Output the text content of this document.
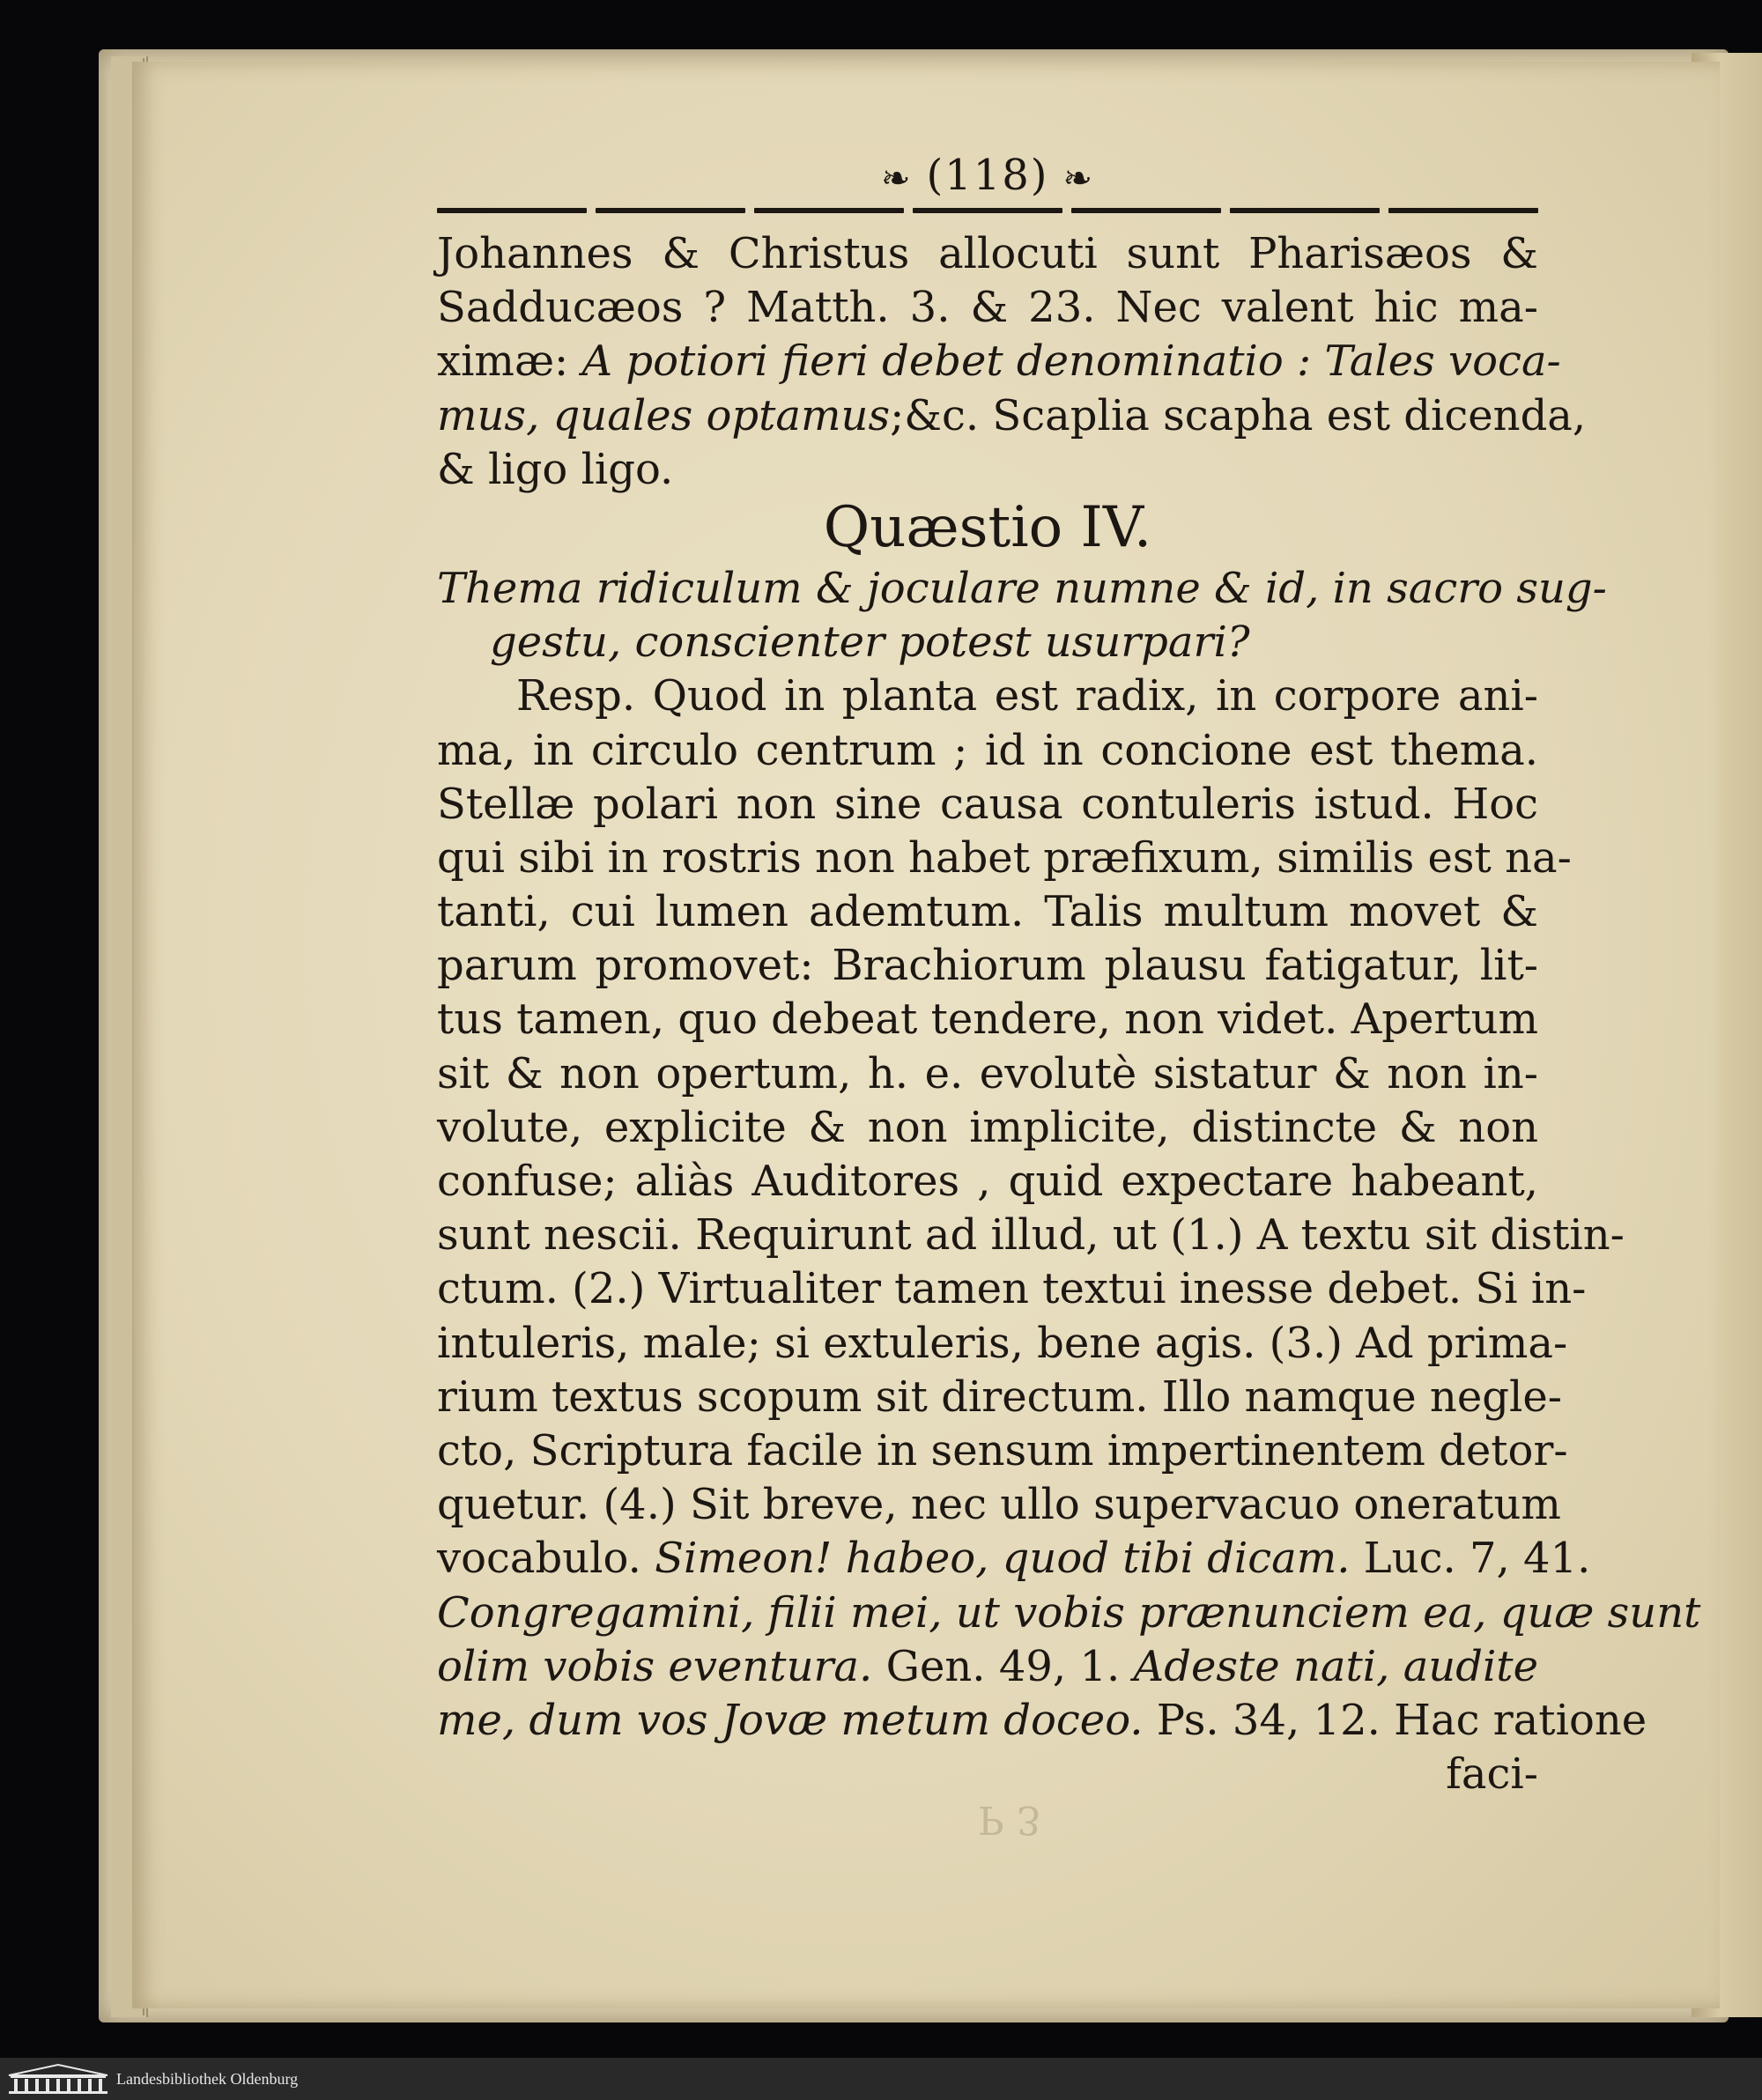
❧ (118) ❧
Johannes & Christus allocuti sunt Pharisæos &
Sadducæos ? Matth. 3. & 23. Nec valent hic ma-
ximæ: A potiori fieri debet denominatio : Tales voca-
mus, quales optamus;&c. Scaplia scapha est dicenda,
& ligo ligo.
Quæstio IV.
Thema ridiculum & joculare numne & id, in sacro sug-
gestu, conscienter potest usurpari?
Resp. Quod in planta est radix, in corpore ani-
ma, in circulo centrum ; id in concione est thema.
Stellæ polari non sine causa contuleris istud. Hoc
qui sibi in rostris non habet præfixum, similis est na-
tanti, cui lumen ademtum. Talis multum movet &
parum promovet: Brachiorum plausu fatigatur, lit-
tus tamen, quo debeat tendere, non videt. Apertum
sit & non opertum, h. e. evolutè sistatur & non in-
volute, explicite & non implicite, distincte & non
confuse; aliàs Auditores , quid expectare habeant,
sunt nescii. Requirunt ad illud, ut (1.) A textu sit distin-
ctum. (2.) Virtualiter tamen textui inesse debet. Si in-
intuleris, male; si extuleris, bene agis. (3.) Ad prima-
rium textus scopum sit directum. Illo namque negle-
cto, Scriptura facile in sensum impertinentem detor-
quetur. (4.) Sit breve, nec ullo supervacuo oneratum
vocabulo. Simeon! habeo, quod tibi dicam. Luc. 7, 41.
Congregamini, filii mei, ut vobis prænunciem ea, quæ sunt
olim vobis eventura. Gen. 49, 1. Adeste nati, audite
me, dum vos Jovæ metum doceo. Ps. 34, 12. Hac ratione
faci-
P 3
Landesbibliothek Oldenburg
